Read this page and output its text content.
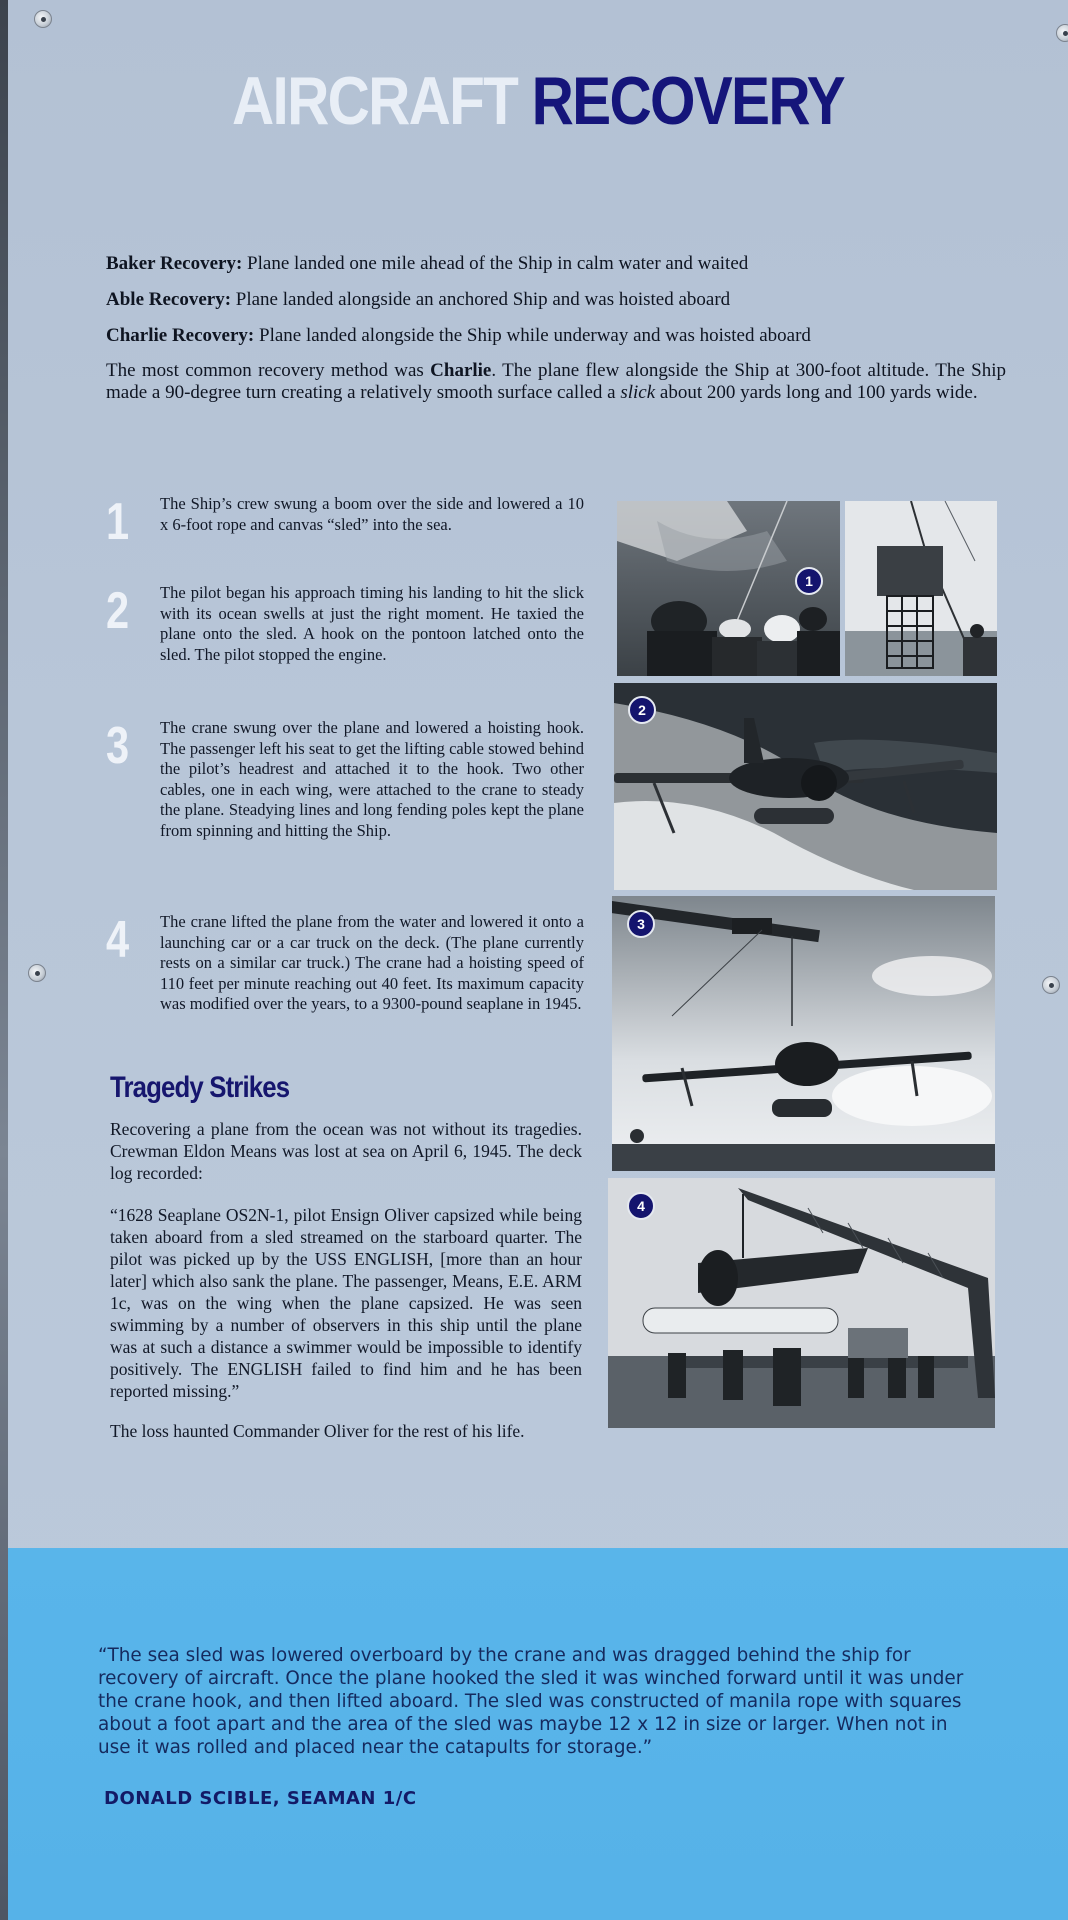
AIRCRAFT RECOVERY

Baker Recovery: Plane landed one mile ahead of the Ship in calm water and waited

Able Recovery: Plane landed alongside an anchored Ship and was hoisted aboard

Charlie Recovery: Plane landed alongside the Ship while underway and was hoisted aboard

The most common recovery method was Charlie. The plane flew alongside the Ship at 300-foot altitude. The Ship made a 90-degree turn creating a relatively smooth surface called a slick about 200 yards long and 100 yards wide.

1 The Ship’s crew swung a boom over the side and lowered a 10 x 6-foot rope and canvas “sled” into the sea.
2 The pilot began his approach timing his landing to hit the slick with its ocean swells at just the right moment. He taxied the plane onto the sled. A hook on the pontoon latched onto the sled. The pilot stopped the engine.
3 The crane swung over the plane and lowered a hoisting hook. The passenger left his seat to get the lifting cable stowed behind the pilot’s headrest and attached it to the hook. Two other cables, one in each wing, were attached to the crane to steady the plane. Steadying lines and long fending poles kept the plane from spinning and hitting the Ship.
4 The crane lifted the plane from the water and lowered it onto a launching car or a car truck on the deck. (The plane currently rests on a similar car truck.) The crane had a hoisting speed of 110 feet per minute reaching out 40 feet. Its maximum capacity was modified over the years, to a 9300-pound seaplane in 1945.
Tragedy Strikes

Recovering a plane from the ocean was not without its tragedies. Crewman Eldon Means was lost at sea on April 6, 1945. The deck log recorded:

“1628 Seaplane OS2N-1, pilot Ensign Oliver capsized while being taken aboard from a sled streamed on the starboard quarter. The pilot was picked up by the USS ENGLISH, [more than an hour later] which also sank the plane. The passenger, Means, E.E. ARM 1c, was on the wing when the plane capsized. He was seen swimming by a number of observers in this ship until the plane was at such a distance a swimmer would be impossible to identify positively. The ENGLISH failed to find him and he has been reported missing.”

The loss haunted Commander Oliver for the rest of his life.

1
2
3
4

“The sea sled was lowered overboard by the crane and was dragged behind the ship for recovery of aircraft. Once the plane hooked the sled it was winched forward until it was under the crane hook, and then lifted aboard. The sled was constructed of manila rope with squares about a foot apart and the area of the sled was maybe 12 x 12 in size or larger. When not in use it was rolled and placed near the catapults for storage.”

DONALD SCIBLE, SEAMAN 1/C
